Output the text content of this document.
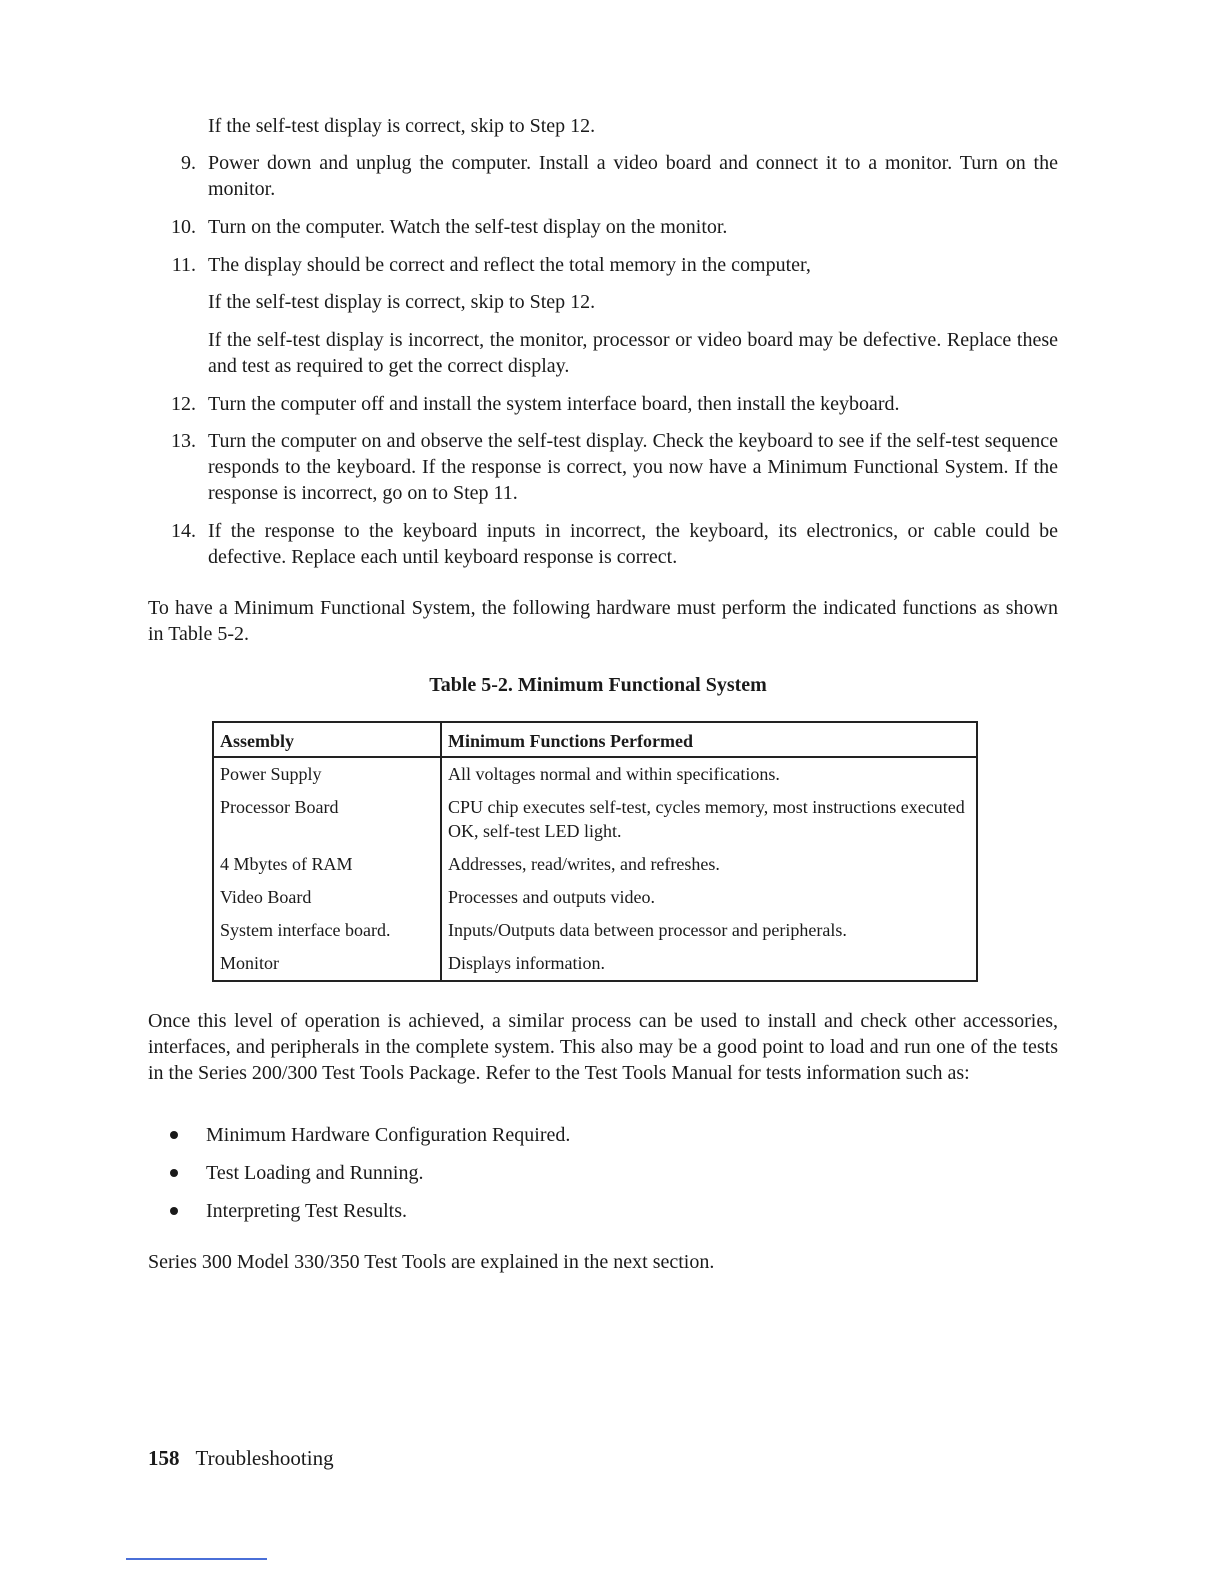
If the self-test display is correct, skip to Step 12.

9. Power down and unplug the computer. Install a video board and connect it to a monitor. Turn on the monitor.
10. Turn on the computer. Watch the self-test display on the monitor.
11. The display should be correct and reflect the total memory in the computer,

If the self-test display is correct, skip to Step 12.

If the self-test display is incorrect, the monitor, processor or video board may be defective. Replace these and test as required to get the correct display.

12. Turn the computer off and install the system interface board, then install the keyboard.
13. Turn the computer on and observe the self-test display. Check the keyboard to see if the self-test sequence responds to the keyboard. If the response is correct, you now have a Minimum Functional System. If the response is incorrect, go on to Step 11.
14. If the response to the keyboard inputs in incorrect, the keyboard, its electronics, or cable could be defective. Replace each until keyboard response is correct.

To have a Minimum Functional System, the following hardware must perform the indicated functions as shown in Table 5-2.

Table 5-2. Minimum Functional System
Assembly	Minimum Functions Performed
Power Supply	All voltages normal and within specifications.
Processor Board	CPU chip executes self-test, cycles memory, most instructions executed OK, self-test LED light.
4 Mbytes of RAM	Addresses, read/writes, and refreshes.
Video Board	Processes and outputs video.
System interface board.	Inputs/Outputs data between processor and peripherals.
Monitor	Displays information.

Once this level of operation is achieved, a similar process can be used to install and check other accessories, interfaces, and peripherals in the complete system. This also may be a good point to load and run one of the tests in the Series 200/300 Test Tools Package. Refer to the Test Tools Manual for tests information such as:

Minimum Hardware Configuration Required.
Test Loading and Running.
Interpreting Test Results.

Series 300 Model 330/350 Test Tools are explained in the next section.

158 Troubleshooting
